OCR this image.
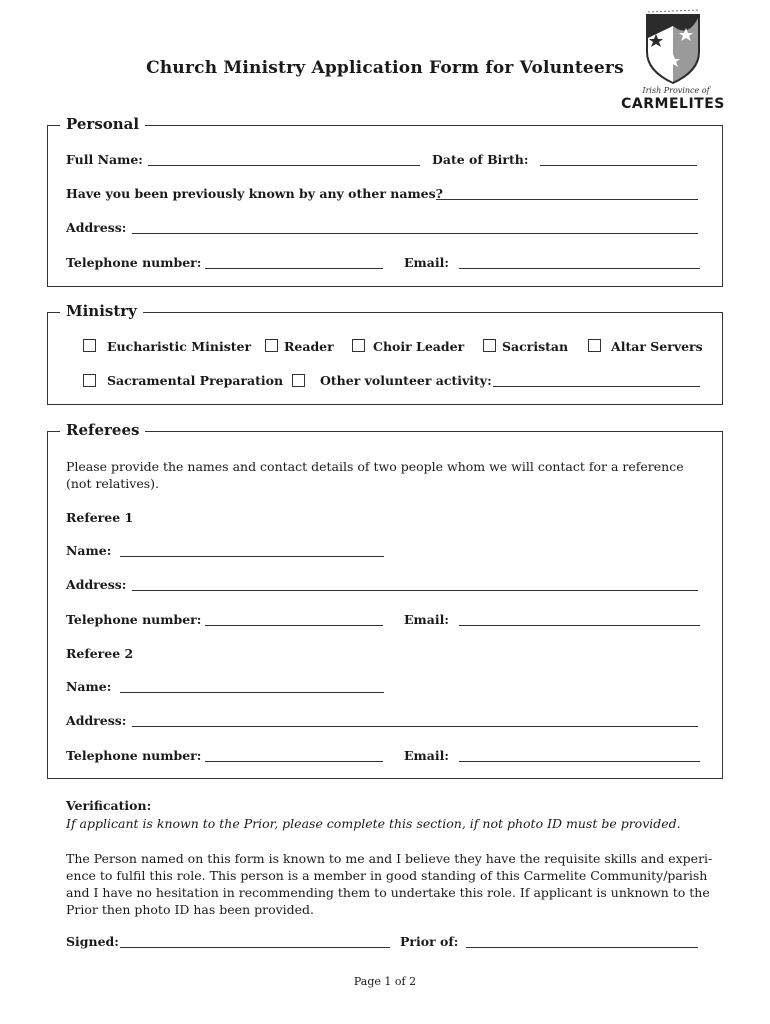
Church Ministry Application Form for Volunteers
Irish Province of
CARMELITES
Personal
Full Name:	Date of Birth:
Have you been previously known by any other names?
Address:
Telephone number:	Email:
Ministry
Eucharistic Minister	Reader	Choir Leader	Sacristan	Altar Servers
Sacramental Preparation	Other volunteer activity:
Referees
Please provide the names and contact details of two people whom we will contact for a reference
(not relatives).
Referee 1
Name:
Address:
Telephone number:	Email:
Referee 2
Name:
Address:
Telephone number:	Email:
Verification:
If applicant is known to the Prior, please complete this section, if not photo ID must be provided.
The Person named on this form is known to me and I believe they have the requisite skills and experi-
ence to fulfil this role. This person is a member in good standing of this Carmelite Community/parish
and I have no hesitation in recommending them to undertake this role. If applicant is unknown to the
Prior then photo ID has been provided.
Signed:	Prior of:
Page 1 of 2
